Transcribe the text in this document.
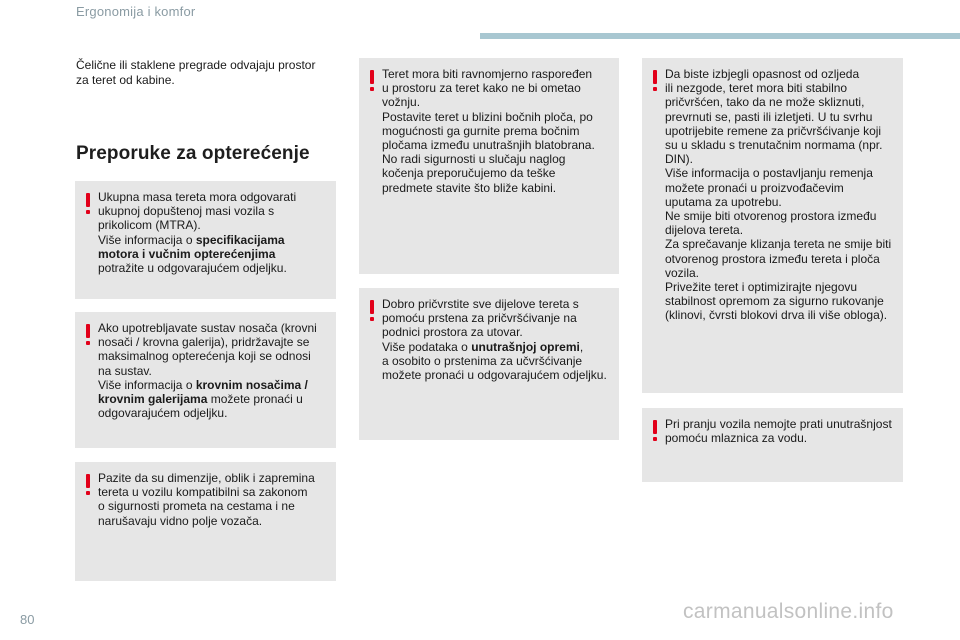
Ergonomija i komfor
Čelične ili staklene pregrade odvajaju prostor
za teret od kabine.
Preporuke za opterećenje
Ukupna masa tereta mora odgovarati
ukupnoj dopuštenoj masi vozila s
prikolicom (MTRA).
Više informacija o specifikacijama
motora i vučnim opterećenjima
potražite u odgovarajućem odjeljku.
Ako upotrebljavate sustav nosača (krovni
nosači / krovna galerija), pridržavajte se
maksimalnog opterećenja koji se odnosi
na sustav.
Više informacija o krovnim nosačima /
krovnim galerijama možete pronaći u
odgovarajućem odjeljku.
Pazite da su dimenzije, oblik i zapremina
tereta u vozilu kompatibilni sa zakonom
o sigurnosti prometa na cestama i ne
narušavaju vidno polje vozača.
Teret mora biti ravnomjerno raspoređen
u prostoru za teret kako ne bi ometao
vožnju.
Postavite teret u blizini bočnih ploča, po
mogućnosti ga gurnite prema bočnim
pločama između unutrašnjih blatobrana.
No radi sigurnosti u slučaju naglog
kočenja preporučujemo da teške
predmete stavite što bliže kabini.
Dobro pričvrstite sve dijelove tereta s
pomoću prstena za pričvršćivanje na
podnici prostora za utovar.
Više podataka o unutrašnjoj opremi,
a osobito o prstenima za učvršćivanje
možete pronaći u odgovarajućem odjeljku.
Da biste izbjegli opasnost od ozljeda
ili nezgode, teret mora biti stabilno
pričvršćen, tako da ne može skliznuti,
prevrnuti se, pasti ili izletjeti. U tu svrhu
upotrijebite remene za pričvršćivanje koji
su u skladu s trenutačnim normama (npr.
DIN).
Više informacija o postavljanju remenja
možete pronaći u proizvođačevim
uputama za upotrebu.
Ne smije biti otvorenog prostora između
dijelova tereta.
Za sprečavanje klizanja tereta ne smije biti
otvorenog prostora između tereta i ploča
vozila.
Privežite teret i optimizirajte njegovu
stabilnost opremom za sigurno rukovanje
(klinovi, čvrsti blokovi drva ili više obloga).
Pri pranju vozila nemojte prati unutrašnjost
pomoću mlaznica za vodu.
80	carmanualsonline.info
